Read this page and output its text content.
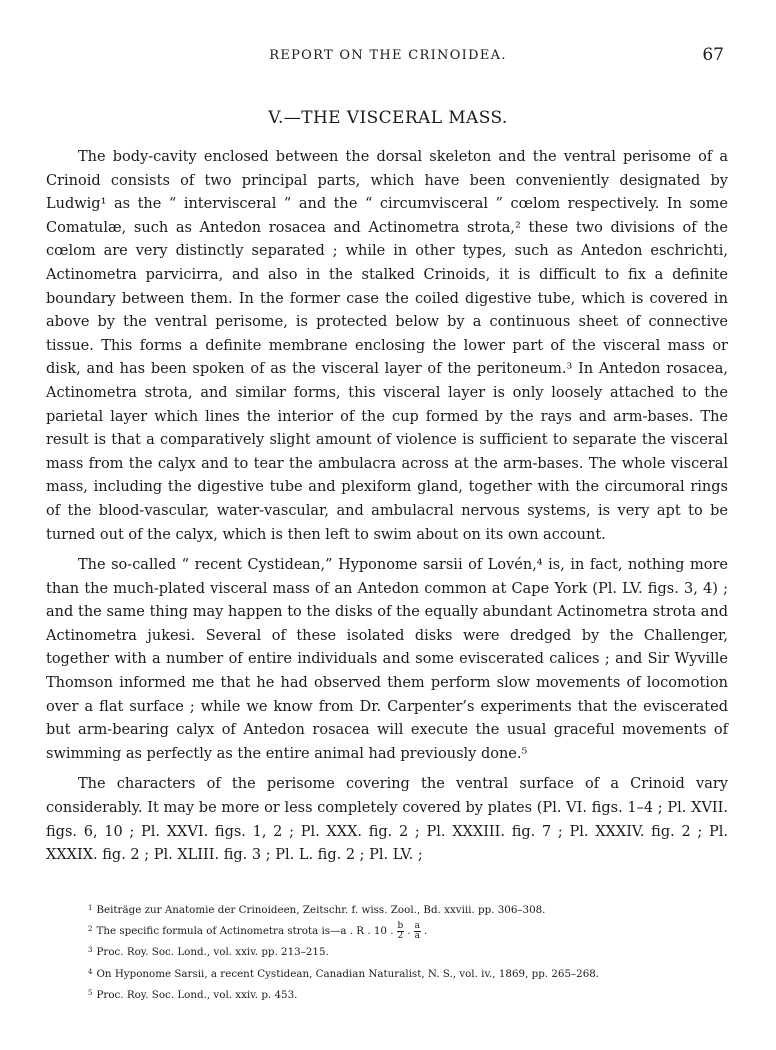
REPORT ON THE CRINOIDEA.	67
V.—THE VISCERAL MASS.

The body-cavity enclosed between the dorsal skeleton and the ventral perisome of a Crinoid consists of two principal parts, which have been conveniently designated by Ludwig¹ as the “ intervisceral ” and the “ circumvisceral ” cœlom respectively. In some Comatulæ, such as Antedon rosacea and Actinometra strota,² these two divisions of the cœlom are very distinctly separated ; while in other types, such as Antedon eschrichti, Actinometra parvicirra, and also in the stalked Crinoids, it is difficult to fix a definite boundary between them. In the former case the coiled digestive tube, which is covered in above by the ventral perisome, is protected below by a continuous sheet of connective tissue. This forms a definite membrane enclosing the lower part of the visceral mass or disk, and has been spoken of as the visceral layer of the peritoneum.³ In Antedon rosacea, Actinometra strota, and similar forms, this visceral layer is only loosely attached to the parietal layer which lines the interior of the cup formed by the rays and arm-bases. The result is that a comparatively slight amount of violence is sufficient to separate the visceral mass from the calyx and to tear the ambulacra across at the arm-bases. The whole visceral mass, including the digestive tube and plexiform gland, together with the circumoral rings of the blood-vascular, water-vascular, and ambulacral nervous systems, is very apt to be turned out of the calyx, which is then left to swim about on its own account.

The so-called “ recent Cystidean,” Hyponome sarsii of Lovén,⁴ is, in fact, nothing more than the much-plated visceral mass of an Antedon common at Cape York (Pl. LV. figs. 3, 4) ; and the same thing may happen to the disks of the equally abundant Actinometra strota and Actinometra jukesi. Several of these isolated disks were dredged by the Challenger, together with a number of entire individuals and some eviscerated calices ; and Sir Wyville Thomson informed me that he had observed them perform slow movements of locomotion over a flat surface ; while we know from Dr. Carpenter’s experiments that the eviscerated but arm-bearing calyx of Antedon rosacea will execute the usual graceful movements of swimming as perfectly as the entire animal had previously done.⁵

The characters of the perisome covering the ventral surface of a Crinoid vary considerably. It may be more or less completely covered by plates (Pl. VI. figs. 1–4 ; Pl. XVII. figs. 6, 10 ; Pl. XXVI. figs. 1, 2 ; Pl. XXX. fig. 2 ; Pl. XXXIII. fig. 7 ; Pl. XXXIV. fig. 2 ; Pl. XXXIX. fig. 2 ; Pl. XLIII. fig. 3 ; Pl. L. fig. 2 ; Pl. LV. ;

$^1$ Beiträge zur Anatomie der Crinoideen, Zeitschr. f. wiss. Zool., Bd. xxviii. pp. 306–308.
$^2$ The specific formula of Actinometra strota is—a . R . 10 . $\frac{b}{2}$ . $\frac{a}{a}$ .
$^3$ Proc. Roy. Soc. Lond., vol. xxiv. pp. 213–215.
$^4$ On Hyponome Sarsii, a recent Cystidean, Canadian Naturalist, N. S., vol. iv., 1869, pp. 265–268.
$^5$ Proc. Roy. Soc. Lond., vol. xxiv. p. 453.
